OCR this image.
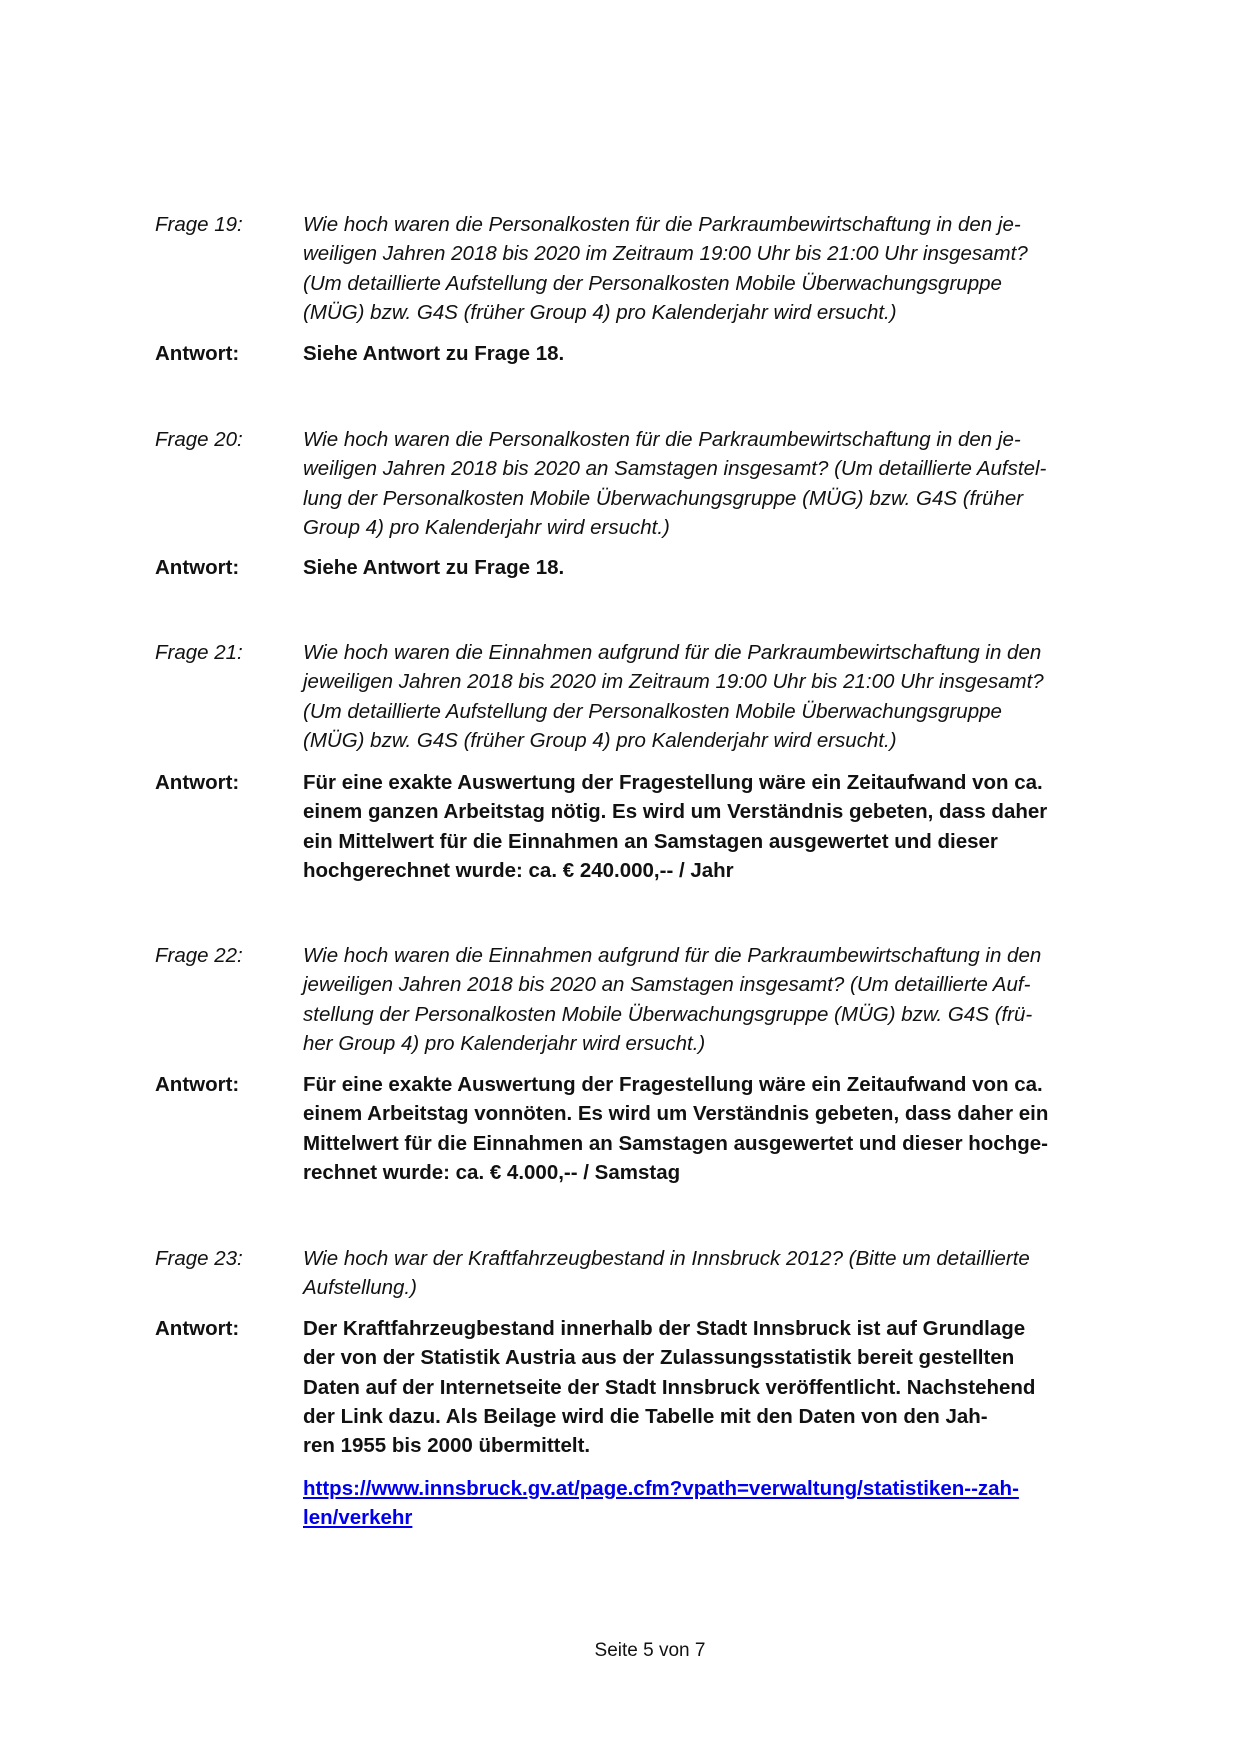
Frage 19:	Wie hoch waren die Personalkosten für die Parkraumbewirtschaftung in den je-
weiligen Jahren 2018 bis 2020 im Zeitraum 19:00 Uhr bis 21:00 Uhr insgesamt?
(Um detaillierte Aufstellung der Personalkosten Mobile Überwachungsgruppe
(MÜG) bzw. G4S (früher Group 4) pro Kalenderjahr wird ersucht.)
Antwort:	Siehe Antwort zu Frage 18.
Frage 20:	Wie hoch waren die Personalkosten für die Parkraumbewirtschaftung in den je-
weiligen Jahren 2018 bis 2020 an Samstagen insgesamt? (Um detaillierte Aufstel-
lung der Personalkosten Mobile Überwachungsgruppe (MÜG) bzw. G4S (früher
Group 4) pro Kalenderjahr wird ersucht.)
Antwort:	Siehe Antwort zu Frage 18.
Frage 21:	Wie hoch waren die Einnahmen aufgrund für die Parkraumbewirtschaftung in den
jeweiligen Jahren 2018 bis 2020 im Zeitraum 19:00 Uhr bis 21:00 Uhr insgesamt?
(Um detaillierte Aufstellung der Personalkosten Mobile Überwachungsgruppe
(MÜG) bzw. G4S (früher Group 4) pro Kalenderjahr wird ersucht.)
Antwort:	Für eine exakte Auswertung der Fragestellung wäre ein Zeitaufwand von ca.
einem ganzen Arbeitstag nötig. Es wird um Verständnis gebeten, dass daher
ein Mittelwert für die Einnahmen an Samstagen ausgewertet und dieser
hochgerechnet wurde: ca. € 240.000,-- / Jahr
Frage 22:	Wie hoch waren die Einnahmen aufgrund für die Parkraumbewirtschaftung in den
jeweiligen Jahren 2018 bis 2020 an Samstagen insgesamt? (Um detaillierte Auf-
stellung der Personalkosten Mobile Überwachungsgruppe (MÜG) bzw. G4S (frü-
her Group 4) pro Kalenderjahr wird ersucht.)
Antwort:	Für eine exakte Auswertung der Fragestellung wäre ein Zeitaufwand von ca.
einem Arbeitstag vonnöten. Es wird um Verständnis gebeten, dass daher ein
Mittelwert für die Einnahmen an Samstagen ausgewertet und dieser hochge-
rechnet wurde: ca. € 4.000,-- / Samstag
Frage 23:	Wie hoch war der Kraftfahrzeugbestand in Innsbruck 2012? (Bitte um detaillierte
Aufstellung.)
Antwort:	Der Kraftfahrzeugbestand innerhalb der Stadt Innsbruck ist auf Grundlage
der von der Statistik Austria aus der Zulassungsstatistik bereit gestellten
Daten auf der Internetseite der Stadt Innsbruck veröffentlicht. Nachstehend
der Link dazu. Als Beilage wird die Tabelle mit den Daten von den Jah-
ren 1955 bis 2000 übermittelt.
https://www.innsbruck.gv.at/page.cfm?vpath=verwaltung/statistiken--zah-
len/verkehr
Seite 5 von 7
